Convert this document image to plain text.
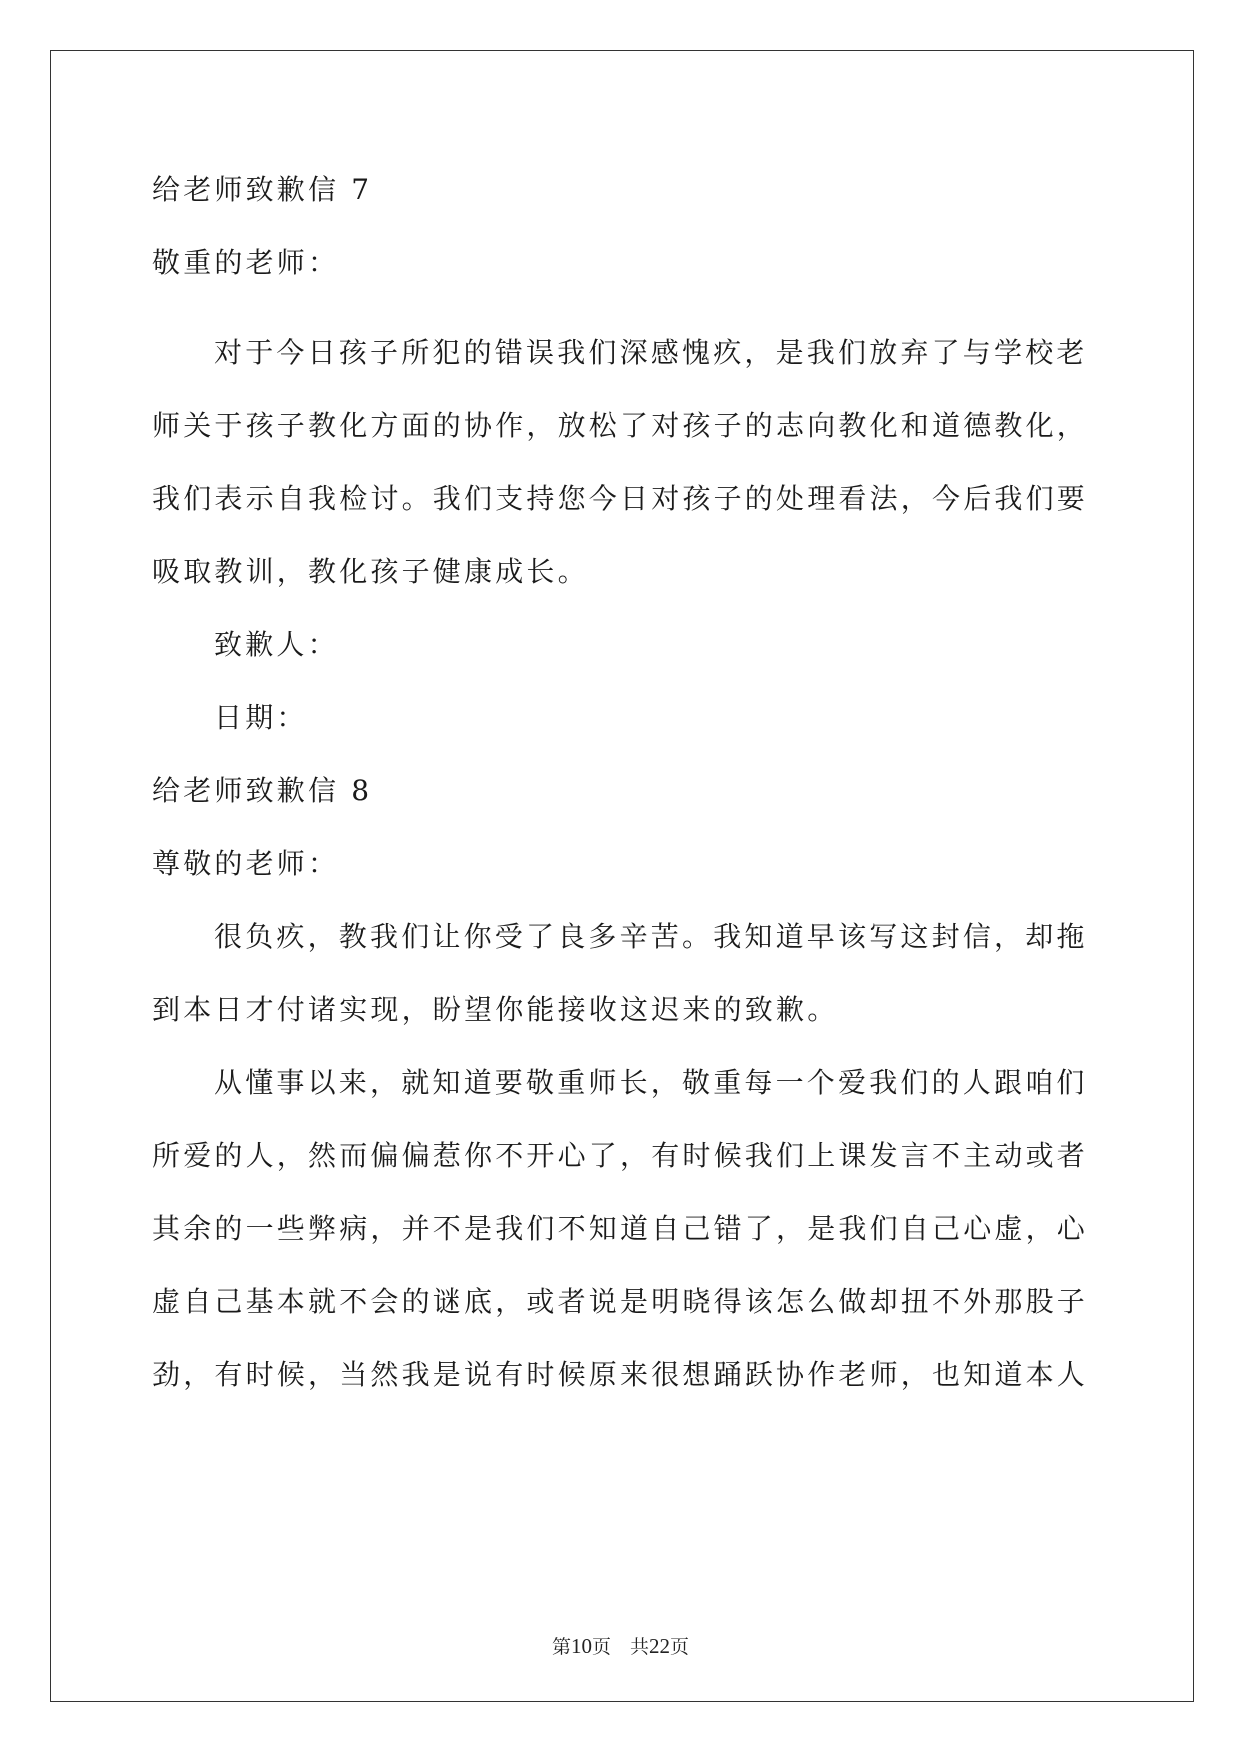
给老师致歉信 7
敬重的老师：
对于今日孩子所犯的错误我们深感愧疚，是我们放弃了与学校老
师关于孩子教化方面的协作，放松了对孩子的志向教化和道德教化，
我们表示自我检讨。我们支持您今日对孩子的处理看法，今后我们要
吸取教训，教化孩子健康成长。
致歉人：
日期：
给老师致歉信 8
尊敬的老师：
很负疚，教我们让你受了良多辛苦。我知道早该写这封信，却拖
到本日才付诸实现，盼望你能接收这迟来的致歉。
从懂事以来，就知道要敬重师长，敬重每一个爱我们的人跟咱们
所爱的人，然而偏偏惹你不开心了，有时候我们上课发言不主动或者
其余的一些弊病，并不是我们不知道自己错了，是我们自己心虚，心
虚自己基本就不会的谜底，或者说是明晓得该怎么做却扭不外那股子
劲，有时候，当然我是说有时候原来很想踊跃协作老师，也知道本人
第10页　共22页
